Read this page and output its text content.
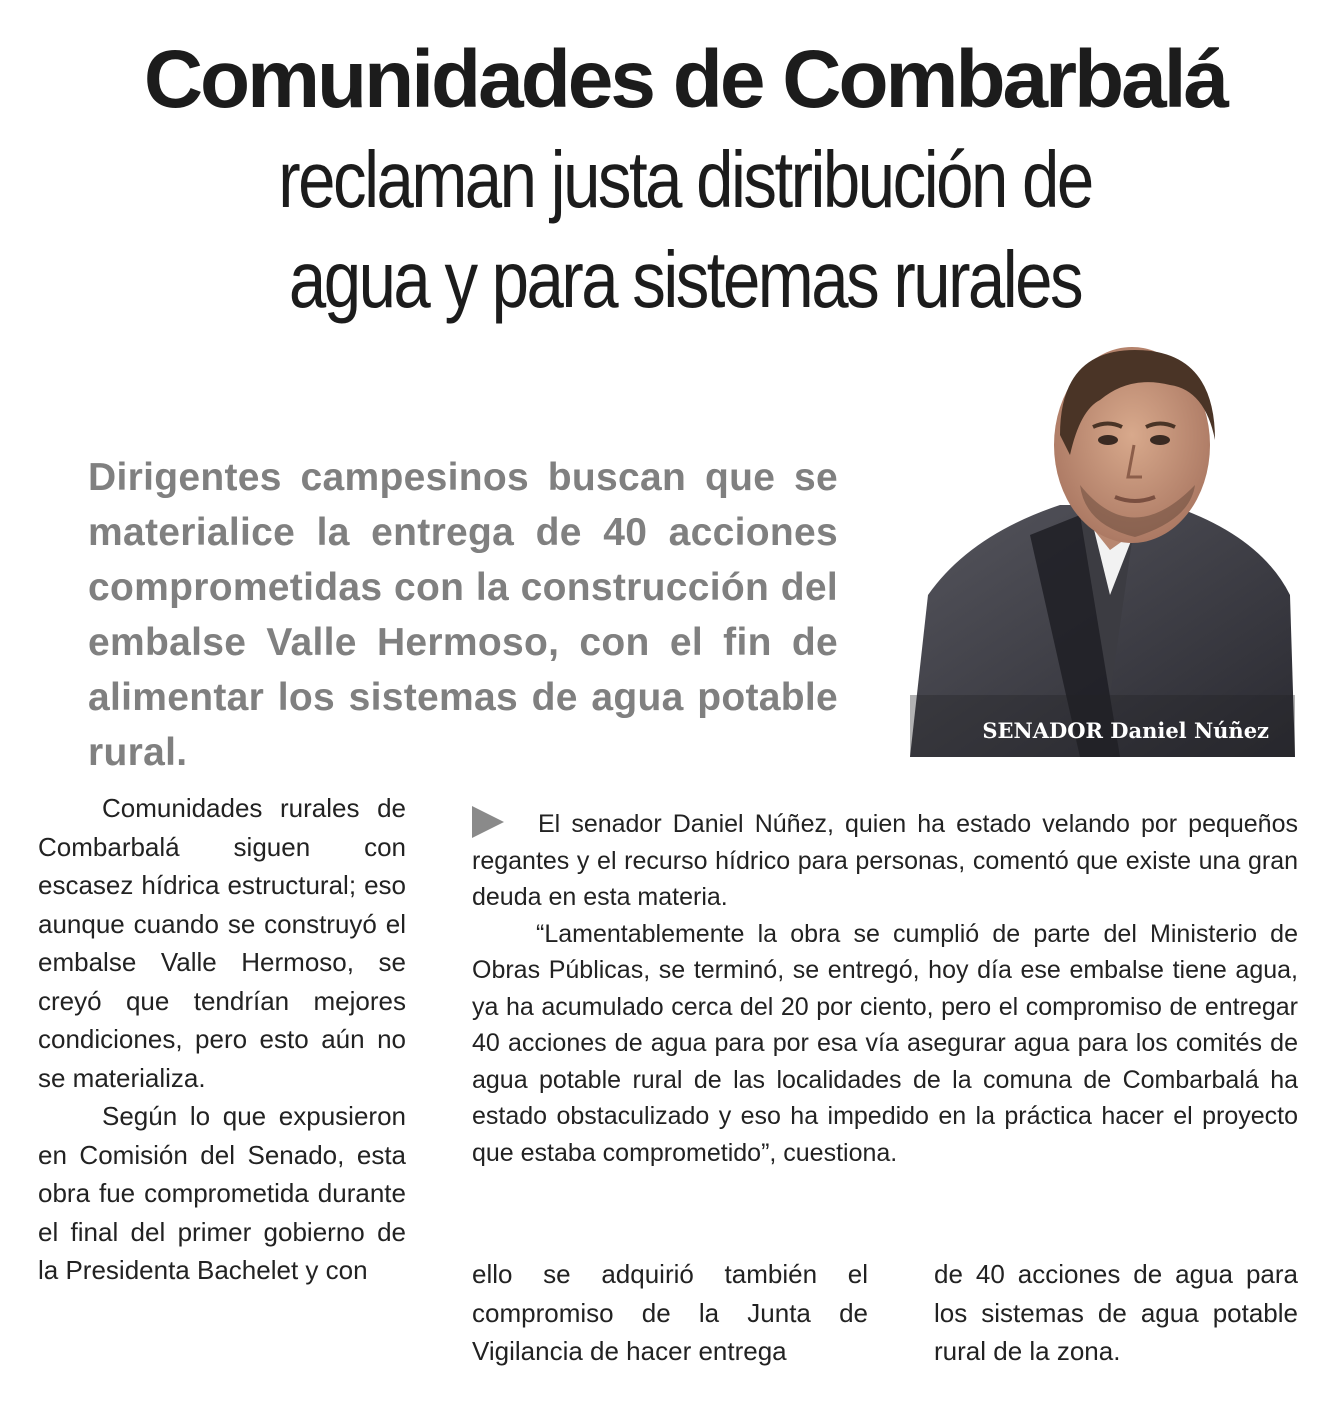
Comunidades de Combarbalá
reclaman justa distribución de
agua y para sistemas rurales

Dirigentes campesinos buscan que se materialice la entrega de 40 acciones comprometidas con la construcción del embalse Valle Hermoso, con el fin de alimentar los sistemas de agua potable rural.

SENADOR Daniel Núñez

Comunidades rurales de Combarbalá siguen con escasez hídrica estructural; eso aunque cuando se construyó el embalse Valle Hermoso, se creyó que tendrían mejores condiciones, pero esto aún no se materializa.

Según lo que expusieron en Comisión del Senado, esta obra fue comprometida durante el final del primer gobierno de la Presidenta Bachelet y con

El senador Daniel Núñez, quien ha estado velando por pequeños regantes y el recurso hídrico para personas, comentó que existe una gran deuda en esta materia.

“Lamentablemente la obra se cumplió de parte del Ministerio de Obras Públicas, se terminó, se entregó, hoy día ese embalse tiene agua, ya ha acumulado cerca del 20 por ciento, pero el compromiso de entregar 40 acciones de agua para por esa vía asegurar agua para los comités de agua potable rural de las localidades de la comuna de Combarbalá ha estado obstaculizado y eso ha impedido en la práctica hacer el proyecto que estaba comprometido”, cuestiona.

ello se adquirió también el compromiso de la Junta de Vigilancia de hacer entrega

de 40 acciones de agua para los sistemas de agua potable rural de la zona.
